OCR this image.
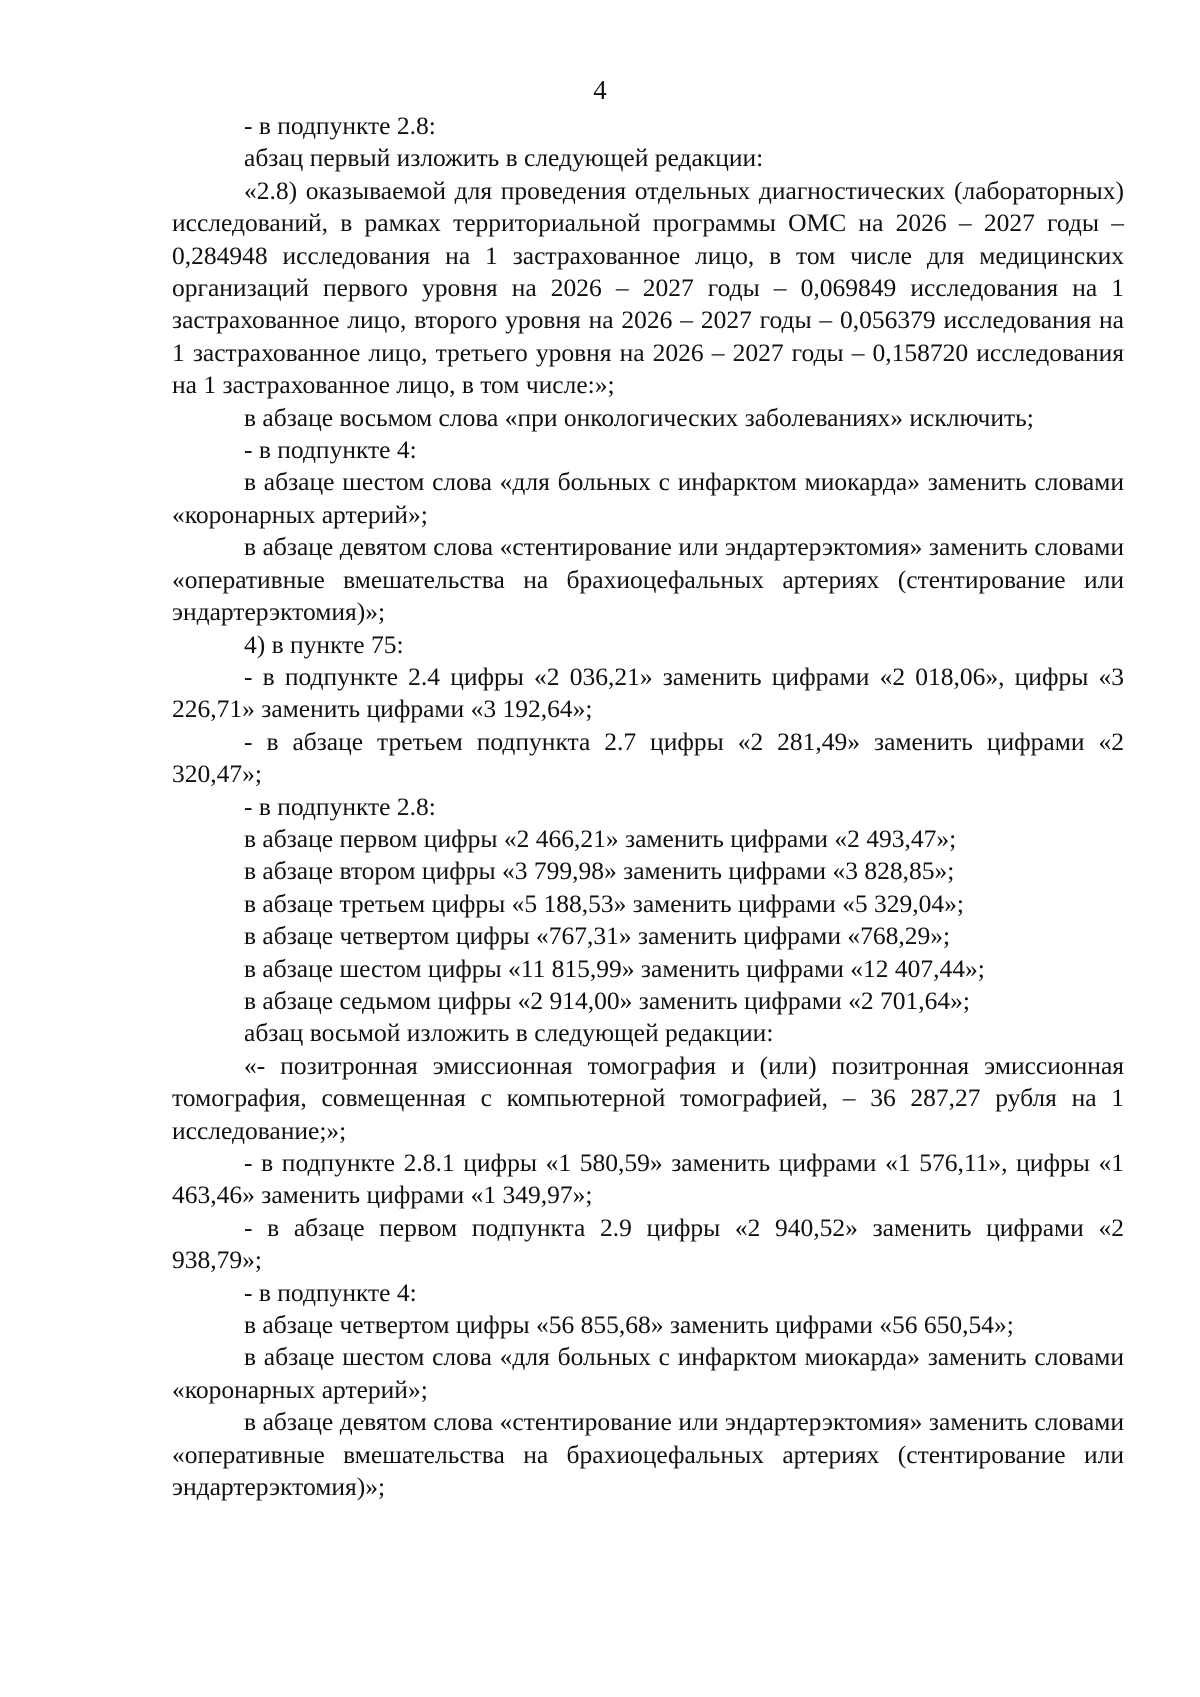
4

- в подпункте 2.8:

абзац первый изложить в следующей редакции:

«2.8) оказываемой для проведения отдельных диагностических (лабораторных) исследований, в рамках территориальной программы ОМС на 2026 – 2027 годы – 0,284948 исследования на 1 застрахованное лицо, в том числе для медицинских организаций первого уровня на 2026 – 2027 годы – 0,069849 исследования на 1 застрахованное лицо, второго уровня на 2026 – 2027 годы – 0,056379 исследования на 1 застрахованное лицо, третьего уровня на 2026 – 2027 годы – 0,158720 исследования на 1 застрахованное лицо, в том числе:»;

в абзаце восьмом слова «при онкологических заболеваниях» исключить;

- в подпункте 4:

в абзаце шестом слова «для больных с инфарктом миокарда» заменить словами «коронарных артерий»;

в абзаце девятом слова «стентирование или эндартерэктомия» заменить словами «оперативные вмешательства на брахиоцефальных артериях (стентирование или эндартерэктомия)»;

4) в пункте 75:

- в подпункте 2.4 цифры «2 036,21» заменить цифрами «2 018,06», цифры «3 226,71» заменить цифрами «3 192,64»;

- в абзаце третьем подпункта 2.7 цифры «2 281,49» заменить цифрами «2 320,47»;

- в подпункте 2.8:

в абзаце первом цифры «2 466,21» заменить цифрами «2 493,47»;

в абзаце втором цифры «3 799,98» заменить цифрами «3 828,85»;

в абзаце третьем цифры «5 188,53» заменить цифрами «5 329,04»;

в абзаце четвертом цифры «767,31» заменить цифрами «768,29»;

в абзаце шестом цифры «11 815,99» заменить цифрами «12 407,44»;

в абзаце седьмом цифры «2 914,00» заменить цифрами «2 701,64»;

абзац восьмой изложить в следующей редакции:

«- позитронная эмиссионная томография и (или) позитронная эмиссионная томография, совмещенная с компьютерной томографией, – 36 287,27 рубля на 1 исследование;»;

- в подпункте 2.8.1 цифры «1 580,59» заменить цифрами «1 576,11», цифры «1 463,46» заменить цифрами «1 349,97»;

- в абзаце первом подпункта 2.9 цифры «2 940,52» заменить цифрами «2 938,79»;

- в подпункте 4:

в абзаце четвертом цифры «56 855,68» заменить цифрами «56 650,54»;

в абзаце шестом слова «для больных с инфарктом миокарда» заменить словами «коронарных артерий»;

в абзаце девятом слова «стентирование или эндартерэктомия» заменить словами «оперативные вмешательства на брахиоцефальных артериях (стентирование или эндартерэктомия)»;
